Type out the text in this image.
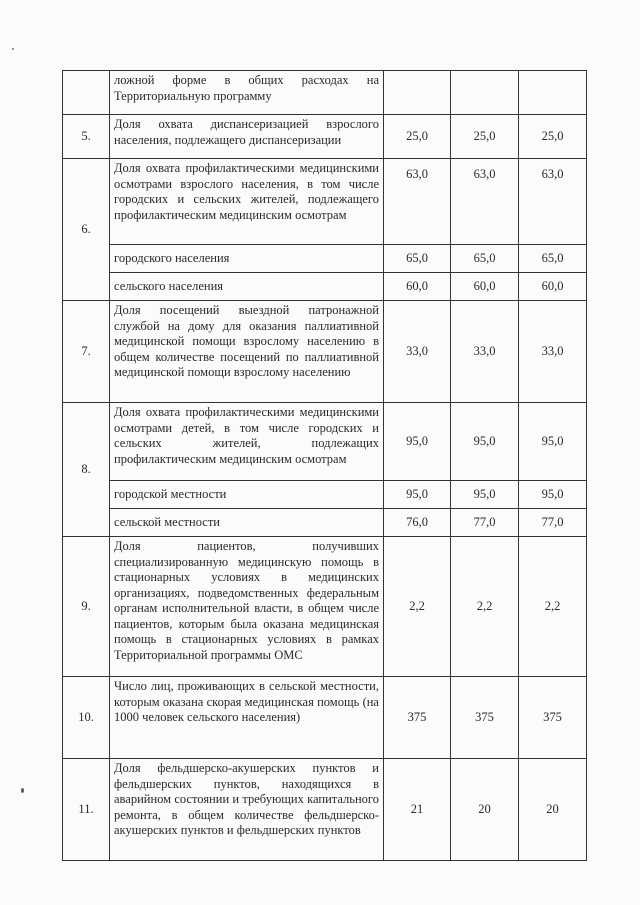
	ложной форме в общих расходах на Территориальную программу			
5.	Доля охвата диспансеризацией взрослого населения, подлежащего диспансеризации	25,0	25,0	25,0
6.	Доля охвата профилактическими медицинскими осмотрами взрослого населения, в том числе городских и сельских жителей, подлежащего профилактическим медицинским осмотрам	63,0	63,0	63,0
	городского населения	65,0	65,0	65,0
	сельского населения	60,0	60,0	60,0
7.	Доля посещений выездной патронажной службой на дому для оказания паллиативной медицинской помощи взрослому населению в общем количестве посещений по паллиативной медицинской помощи взрослому населению	33,0	33,0	33,0
8.	Доля охвата профилактическими медицинскими осмотрами детей, в том числе городских и сельских жителей, подлежащих профилактическим медицинским осмотрам	95,0	95,0	95,0
	городской местности	95,0	95,0	95,0
	сельской местности	76,0	77,0	77,0
9.	Доля пациентов, получивших специализированную медицинскую помощь в стационарных условиях в медицинских организациях, подведомственных федеральным органам исполнительной власти, в общем числе пациентов, которым была оказана медицинская помощь в стационарных условиях в рамках Территориальной программы ОМС	2,2	2,2	2,2
10.	Число лиц, проживающих в сельской местности, которым оказана скорая медицинская помощь (на 1000 человек сельского населения)	375	375	375
11.	Доля фельдшерско-акушерских пунктов и фельдшерских пунктов, находящихся в аварийном состоянии и требующих капитального ремонта, в общем количестве фельдшерско-акушерских пунктов и фельдшерских пунктов	21	20	20
